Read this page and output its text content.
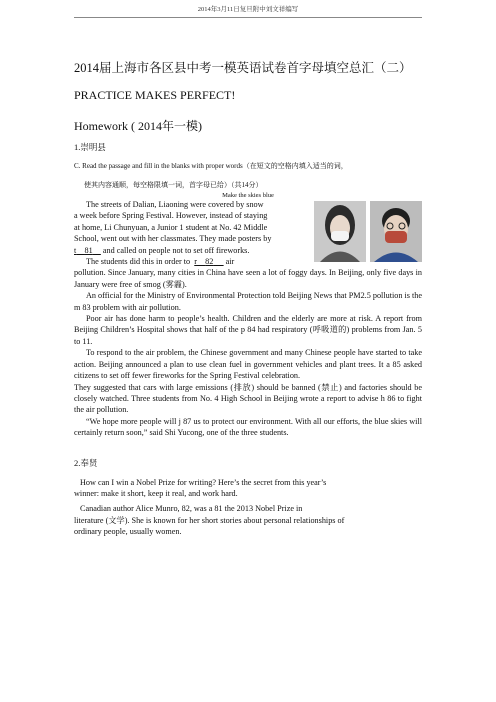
2014年3月11日复旦附中刘文祥编写
2014届上海市各区县中考一模英语试卷首字母填空总汇（二）
PRACTICE MAKES PERFECT!
Homework ( 2014年一模)
1.崇明县
C. Read the passage and fill in the blanks with proper words（在短文的空格内填入适当的词，
使其内容通顺，每空格限填一词，首字母已给）（共14分）
Make the skies blue

The streets of Dalian, Liaoning were covered by snow

a week before Spring Festival. However, instead of staying

at home, Li Chunyuan, a Junior 1 student at No. 42 Middle

School, went out with her classmates. They made posters by

t 81 and called on people not to set off fireworks.

The students did this in order to r 82 air

pollution. Since January, many cities in China have seen a lot of foggy days. In Beijing, only five days in January were free of smog (雾霾).

An official for the Ministry of Environmental Protection told Beijing News that PM2.5 pollution is the m 83 problem with air pollution.

Poor air has done harm to people’s health. Children and the elderly are more at risk. A report from Beijing Children’s Hospital shows that half of the p 84 had respiratory (呼吸道的) problems from Jan. 5 to 11.

To respond to the air problem, the Chinese government and many Chinese people have started to take action. Beijing announced a plan to use clean fuel in government vehicles and plant trees. It a 85 asked citizens to set off fewer fireworks for the Spring Festival celebration.

They suggested that cars with large emissions (排放) should be banned (禁止) and factories should be closely watched. Three students from No. 4 High School in Beijing wrote a report to advise h 86 to fight the air pollution.

“We hope more people will j 87 us to protect our environment. With all our efforts, the blue skies will certainly return soon,” said Shi Yucong, one of the three students.

2.奉贤

How can I win a Nobel Prize for writing? Here’s the secret from this year’s

winner: make it short, keep it real, and work hard.

Canadian author Alice Munro, 82, was a 81 the 2013 Nobel Prize in

literature (文学). She is known for her short stories about personal relationships of

ordinary people, usually women.
